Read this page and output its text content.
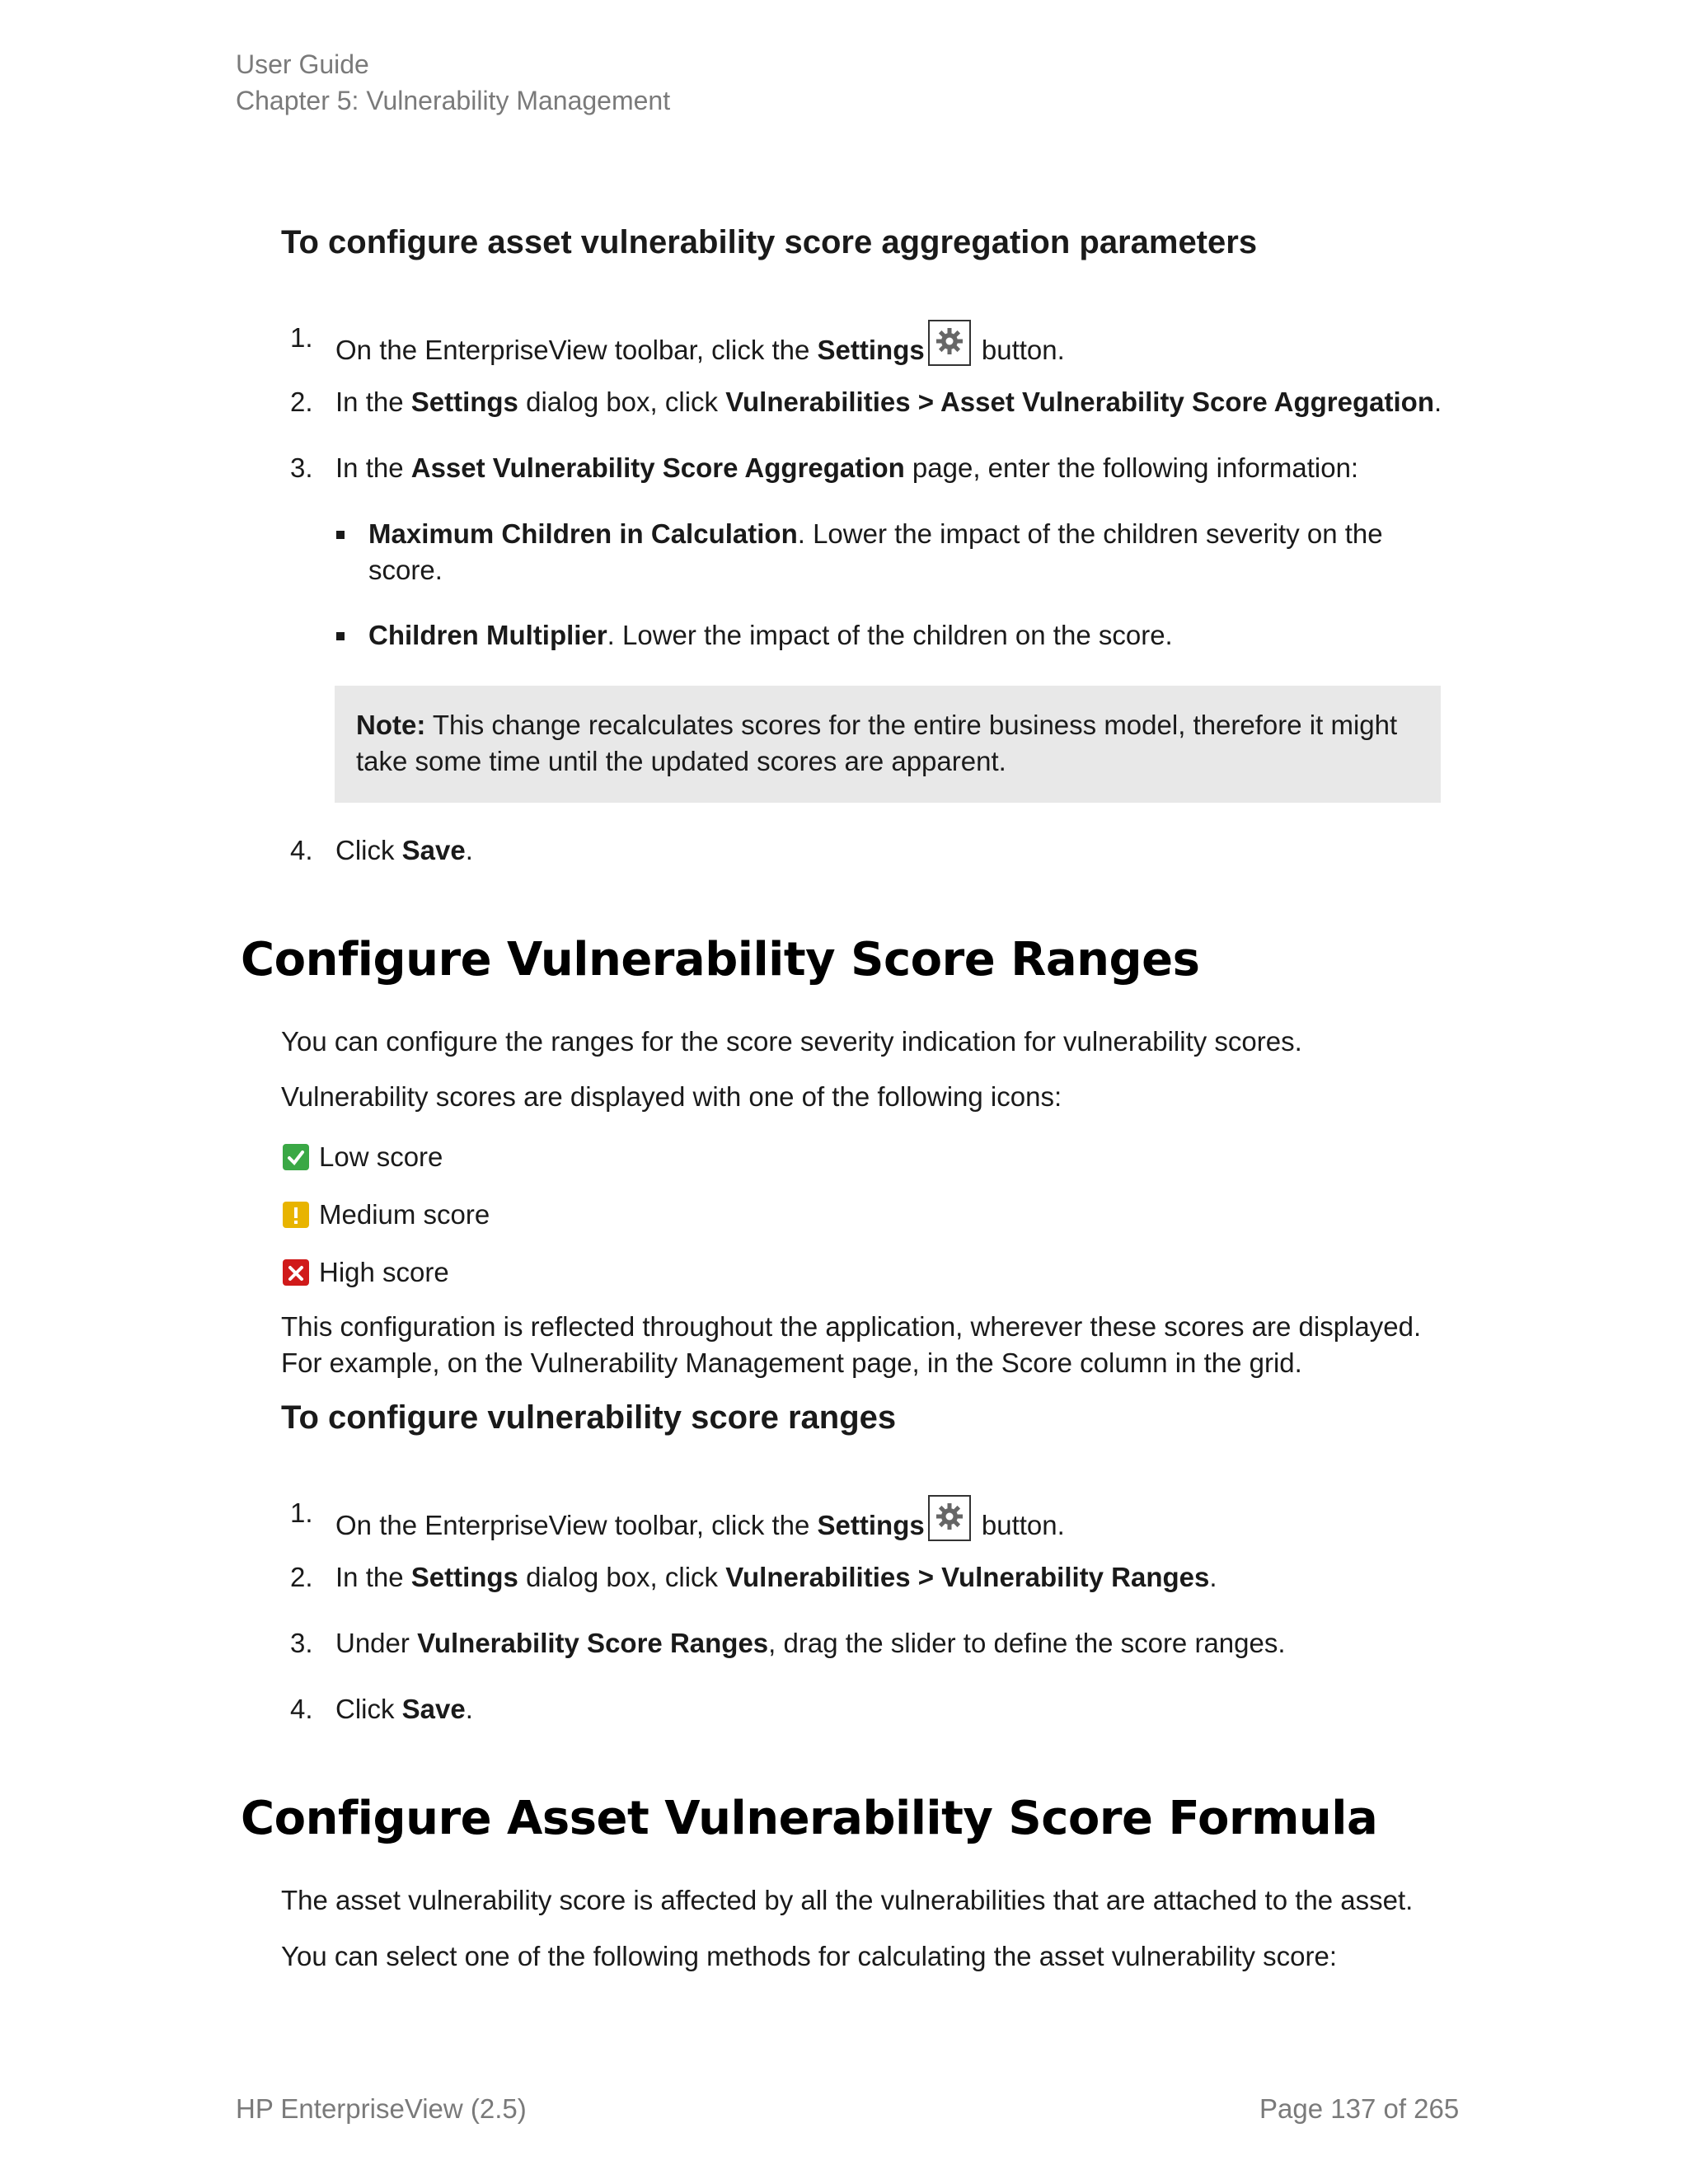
User Guide
Chapter 5: Vulnerability Management
To configure asset vulnerability score aggregation parameters
1. On the EnterpriseView toolbar, click the Settings
button.
2. In the Settings dialog box, click Vulnerabilities > Asset Vulnerability Score Aggregation.
3. In the Asset Vulnerability Score Aggregation page, enter the following information:
Maximum Children in Calculation. Lower the impact of the children severity on the score.
Children Multiplier. Lower the impact of the children on the score.
Note: This change recalculates scores for the entire business model, therefore it might take some time until the updated scores are apparent.
4. Click Save.
Configure Vulnerability Score Ranges
You can configure the ranges for the score severity indication for vulnerability scores.
Vulnerability scores are displayed with one of the following icons:
Low score
Medium score
High score
This configuration is reflected throughout the application, wherever these scores are displayed. For example, on the Vulnerability Management page, in the Score column in the grid.
To configure vulnerability score ranges
1. On the EnterpriseView toolbar, click the Settings
button.
2. In the Settings dialog box, click Vulnerabilities > Vulnerability Ranges.
3. Under Vulnerability Score Ranges, drag the slider to define the score ranges.
4. Click Save.
Configure Asset Vulnerability Score Formula
The asset vulnerability score is affected by all the vulnerabilities that are attached to the asset.
You can select one of the following methods for calculating the asset vulnerability score:
HP EnterpriseView (2.5)	Page 137 of 265
